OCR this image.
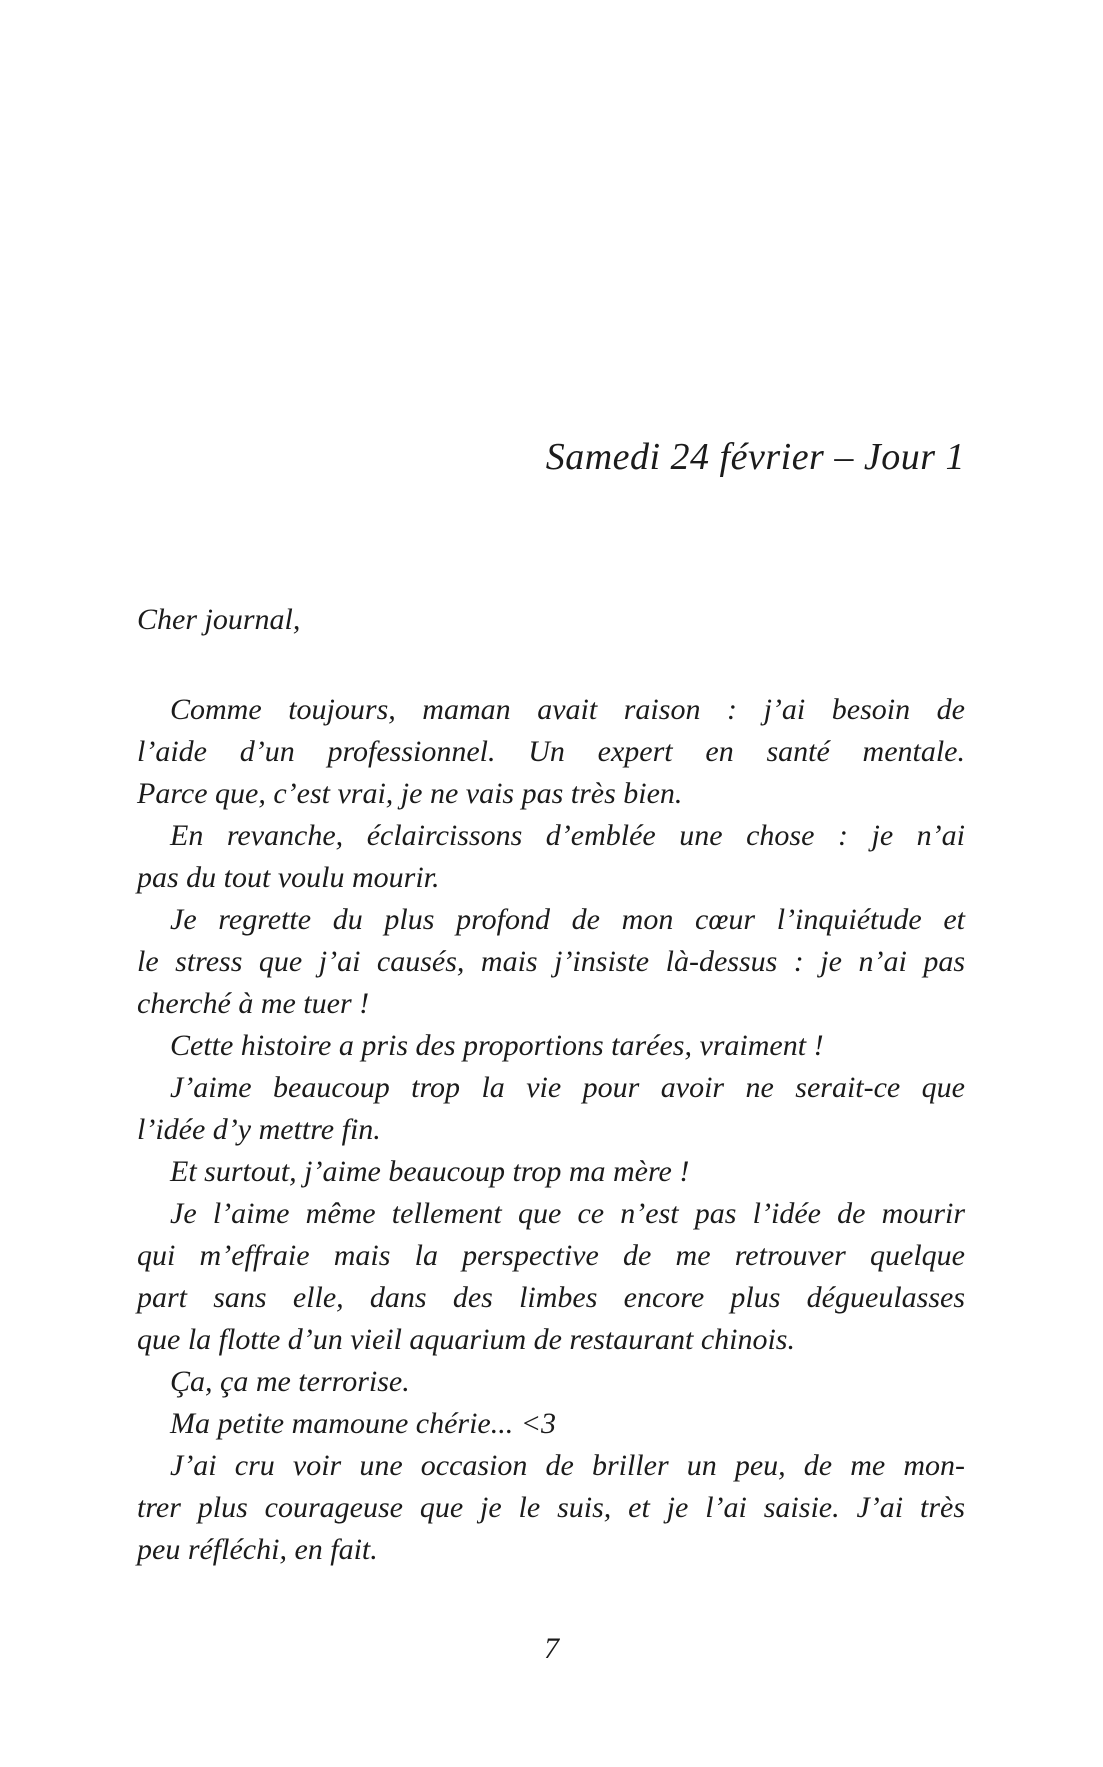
Samedi 24 février – Jour 1
Cher journal,
Comme toujours, maman avait raison : j’ai besoin de
l’aide d’un professionnel. Un expert en santé mentale.
Parce que, c’est vrai, je ne vais pas très bien.
En revanche, éclaircissons d’emblée une chose : je n’ai
pas du tout voulu mourir.
Je regrette du plus profond de mon cœur l’inquiétude et
le stress que j’ai causés, mais j’insiste là-dessus : je n’ai pas
cherché à me tuer !
Cette histoire a pris des proportions tarées, vraiment !
J’aime beaucoup trop la vie pour avoir ne serait-ce que
l’idée d’y mettre fin.
Et surtout, j’aime beaucoup trop ma mère !
Je l’aime même tellement que ce n’est pas l’idée de mourir
qui m’effraie mais la perspective de me retrouver quelque
part sans elle, dans des limbes encore plus dégueulasses
que la flotte d’un vieil aquarium de restaurant chinois.
Ça, ça me terrorise.
Ma petite mamoune chérie... <3
J’ai cru voir une occasion de briller un peu, de me mon-
trer plus courageuse que je le suis, et je l’ai saisie. J’ai très
peu réfléchi, en fait.
7
